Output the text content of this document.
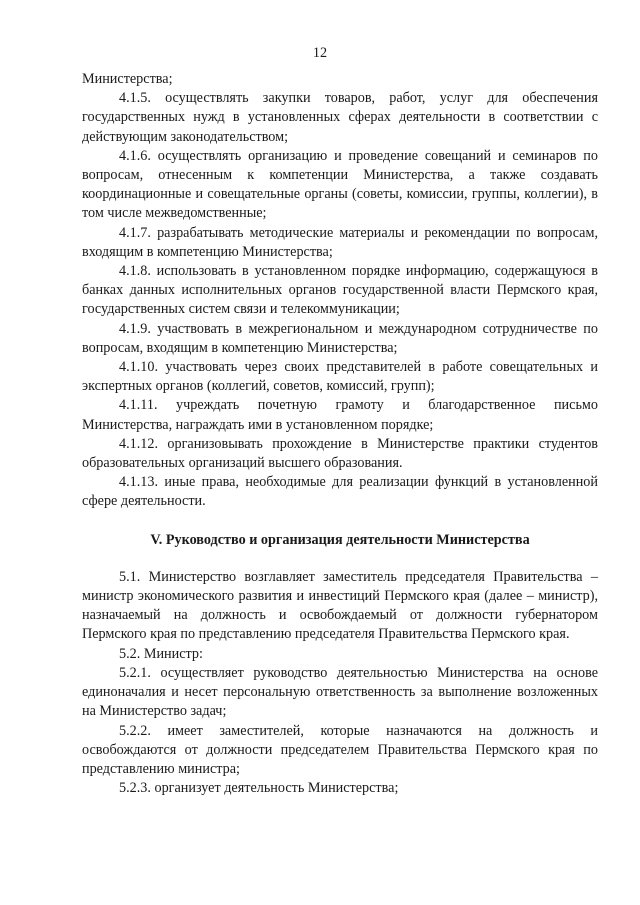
12

Министерства;

4.1.5. осуществлять закупки товаров, работ, услуг для обеспечения государственных нужд в установленных сферах деятельности в соответствии с действующим законодательством;

4.1.6. осуществлять организацию и проведение совещаний и семинаров по вопросам, отнесенным к компетенции Министерства, а также создавать координационные и совещательные органы (советы, комиссии, группы, коллегии), в том числе межведомственные;

4.1.7. разрабатывать методические материалы и рекомендации по вопросам, входящим в компетенцию Министерства;

4.1.8. использовать в установленном порядке информацию, содержащуюся в банках данных исполнительных органов государственной власти Пермского края, государственных систем связи и телекоммуникации;

4.1.9. участвовать в межрегиональном и международном сотрудничестве по вопросам, входящим в компетенцию Министерства;

4.1.10. участвовать через своих представителей в работе совещательных и экспертных органов (коллегий, советов, комиссий, групп);

4.1.11. учреждать почетную грамоту и благодарственное письмо Министерства, награждать ими в установленном порядке;

4.1.12. организовывать прохождение в Министерстве практики студентов образовательных организаций высшего образования.

4.1.13. иные права, необходимые для реализации функций в установленной сфере деятельности.

V. Руководство и организация деятельности Министерства

5.1. Министерство возглавляет заместитель председателя Правительства – министр экономического развития и инвестиций Пермского края (далее – министр), назначаемый на должность и освобождаемый от должности губернатором Пермского края по представлению председателя Правительства Пермского края.

5.2. Министр:

5.2.1. осуществляет руководство деятельностью Министерства на основе единоначалия и несет персональную ответственность за выполнение возложенных на Министерство задач;

5.2.2. имеет заместителей, которые назначаются на должность и освобождаются от должности председателем Правительства Пермского края по представлению министра;

5.2.3. организует деятельность Министерства;
